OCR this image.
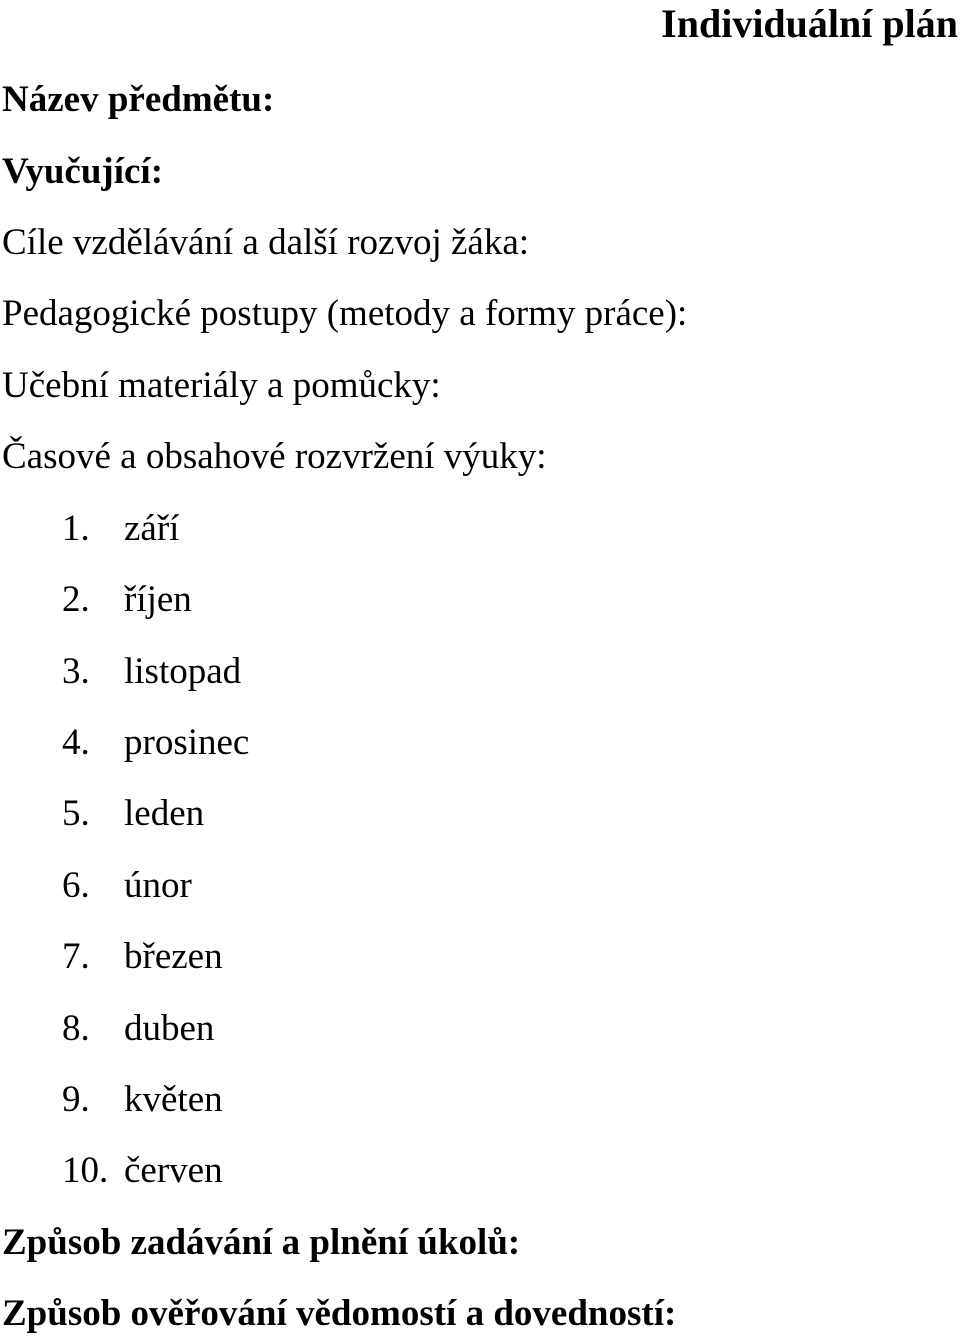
Individuální plán
Název předmětu:
Vyučující:
Cíle vzdělávání a další rozvoj žáka:
Pedagogické postupy (metody a formy práce):
Učební materiály a pomůcky:
Časové a obsahové rozvržení výuky:
1. září
2. říjen
3. listopad
4. prosinec
5. leden
6. únor
7. březen
8. duben
9. květen
10. červen
Způsob zadávání a plnění úkolů:
Způsob ověřování vědomostí a dovedností:
